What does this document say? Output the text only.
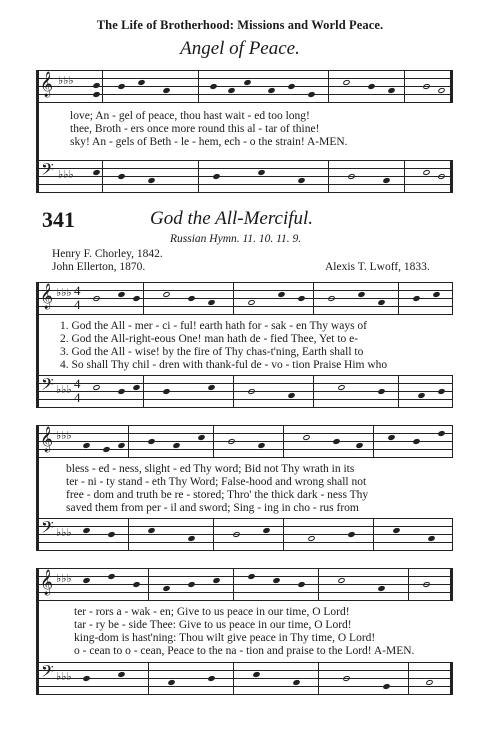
The Life of Brotherhood: Missions and World Peace.
Angel of Peace.
𝄞 ♭♭♭
love; An - gel of peace, thou hast wait - ed too long!
thee, Broth - ers once more round this al - tar of thine!
sky! An - gels of Beth - le - hem, ech - o the strain! A-MEN.
𝄢 ♭♭♭
341	God the All-Merciful.
Russian Hymn. 11. 10. 11. 9.
Henry F. Chorley, 1842.
John Ellerton, 1870.	Alexis T. Lwoff, 1833.
𝄞 ♭♭♭ 4
4
1. God the All - mer - ci - ful! earth hath for - sak - en Thy ways of
2. God the All-right-eous One! man hath de - fied Thee, Yet to e-
3. God the All - wise! by the fire of Thy chas-t'ning, Earth shall to
4. So shall Thy chil - dren with thank-ful de - vo - tion Praise Him who
𝄢 ♭♭♭ 4
4
𝄞 ♭♭♭
bless - ed - ness, slight - ed Thy word; Bid not Thy wrath in its
ter - ni - ty stand - eth Thy Word; False-hood and wrong shall not
free - dom and truth be re - stored; Thro' the thick dark - ness Thy
saved them from per - il and sword; Sing - ing in cho - rus from
𝄢 ♭♭♭
𝄞 ♭♭♭
ter - rors a - wak - en; Give to us peace in our time, O Lord!
tar - ry be - side Thee: Give to us peace in our time, O Lord!
king-dom is hast'ning: Thou wilt give peace in Thy time, O Lord!
o - cean to o - cean, Peace to the na - tion and praise to the Lord! A-MEN.
𝄢 ♭♭♭
